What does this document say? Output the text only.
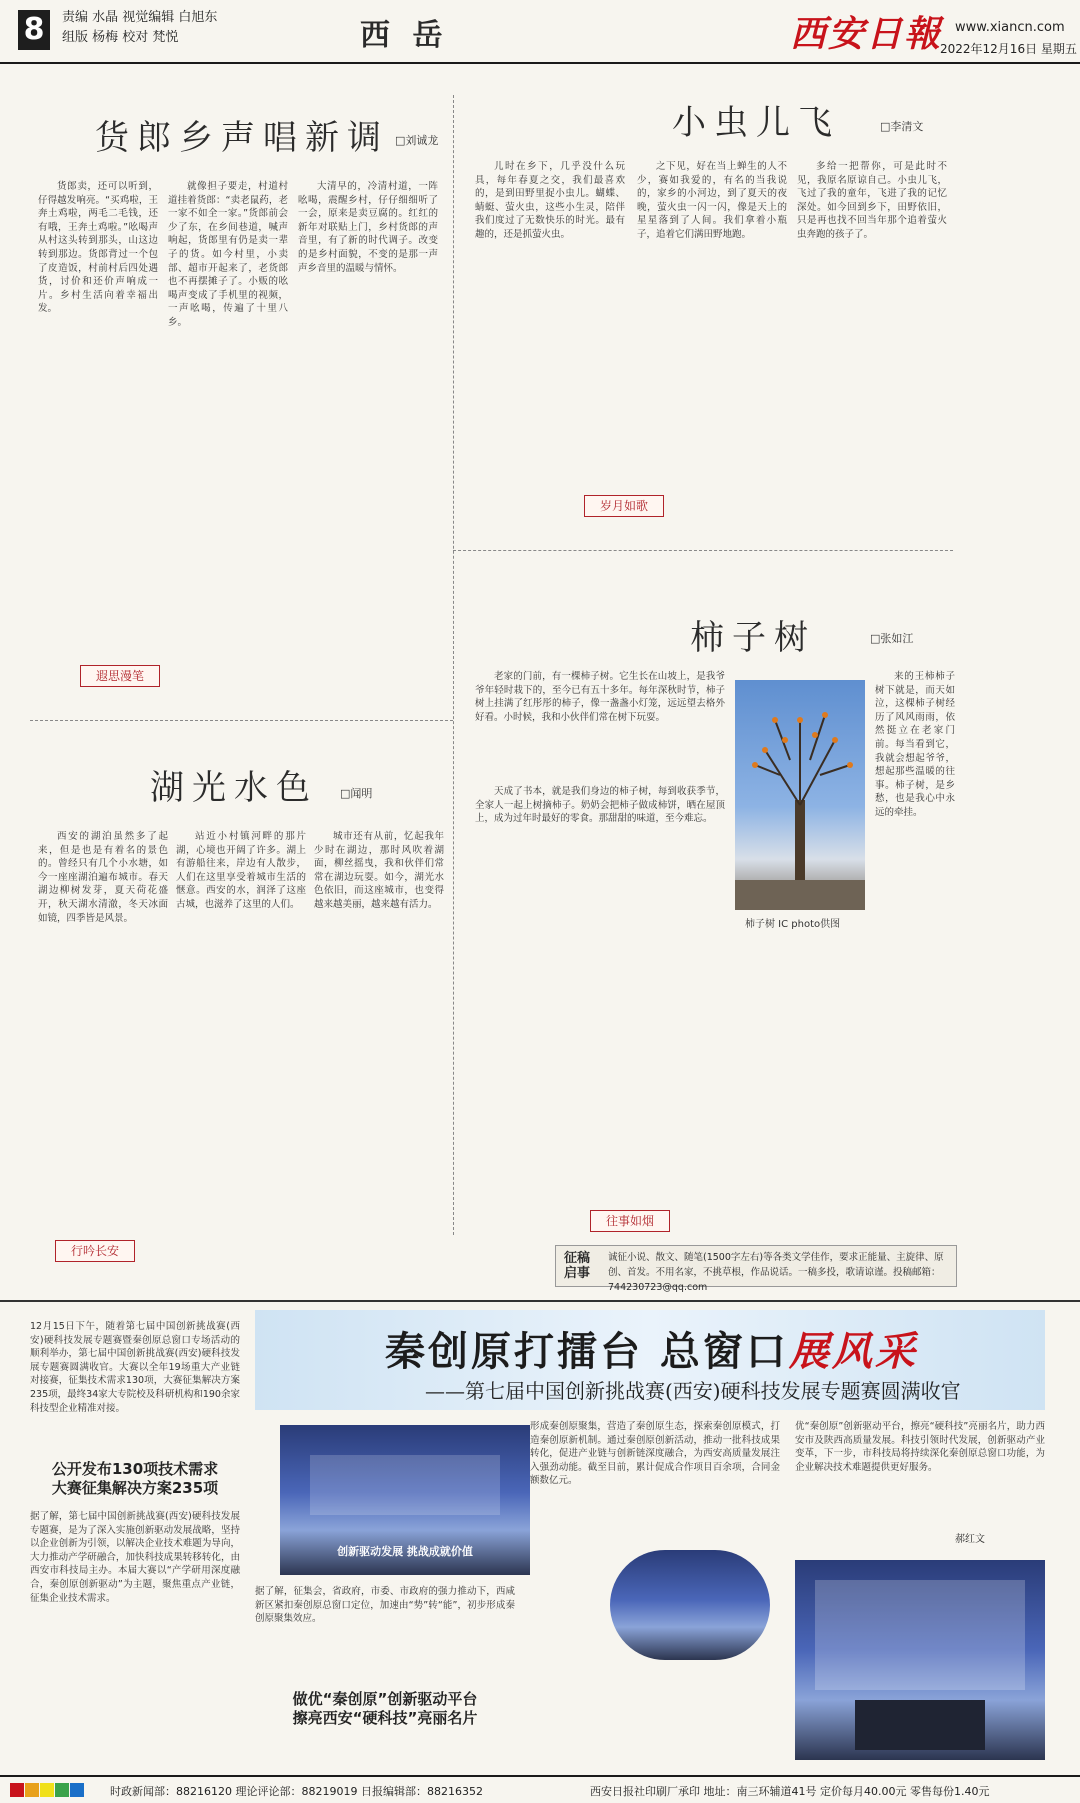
8	责编 水晶 视觉编辑 白旭东
组版 杨梅 校对 梵悦	西 岳	西安日報 www.xiancn.com
2022年12月16日 星期五
货郎乡声唱新调 □刘诚龙

货郎卖，还可以听到，仔得越发响亮。“买鸡啦，王奔土鸡啦，两毛二毛钱，还有哦，王奔土鸡啦。”吆喝声从村这头转到那头，山这边转到那边。货郎背过一个包了皮造饭，村前村后四处遇货，讨价和还价声响成一片。乡村生活向着幸福出发。

就像担子要走，村道村道挂着货郎：“卖老鼠药，老一家不如全一家。”货郎前会少了东，在乡间巷道，喊声响起，货郎里有仍是卖一辈子的货。如今村里，小卖部、超市开起来了，老货郎也不再摆摊子了。小贩的吆喝声变成了手机里的视频，一声吆喝，传遍了十里八乡。

大清早的，冷清村道，一阵吆喝，震醒乡村，仔仔细细听了一会，原来是卖豆腐的。红红的新年对联贴上门，乡村货郎的声音里，有了新的时代调子。改变的是乡村面貌，不变的是那一声声乡音里的温暖与情怀。

遐思漫笔
小虫儿飞	□李清文

儿时在乡下，几乎没什么玩具，每年春夏之交，我们最喜欢的，是到田野里捉小虫儿。蝴蝶、蜻蜓、萤火虫，这些小生灵，陪伴我们度过了无数快乐的时光。最有趣的，还是抓萤火虫。

之下见，好在当上蝉生的人不少，赛如我爱的，有名的当我说的，家乡的小河边，到了夏天的夜晚，萤火虫一闪一闪，像是天上的星星落到了人间。我们拿着小瓶子，追着它们满田野地跑。

多给一把帮你，可是此时不见，我原名原谅自己。小虫儿飞，飞过了我的童年，飞进了我的记忆深处。如今回到乡下，田野依旧，只是再也找不回当年那个追着萤火虫奔跑的孩子了。

岁月如歌
湖光水色 □闻明

西安的湖泊虽然多了起来，但是也是有着名的景色的。曾经只有几个小水塘，如今一座座湖泊遍布城市。春天湖边柳树发芽，夏天荷花盛开，秋天湖水清澈，冬天冰面如镜，四季皆是风景。

站近小村镇河畔的那片湖，心境也开阔了许多。湖上有游船往来，岸边有人散步，人们在这里享受着城市生活的惬意。西安的水，润泽了这座古城，也滋养了这里的人们。

城市还有从前，忆起我年少时在湖边，那时风吹着湖面，柳丝摇曳，我和伙伴们常常在湖边玩耍。如今，湖光水色依旧，而这座城市，也变得越来越美丽，越来越有活力。

行吟长安
柿子树	□张如江

老家的门前，有一棵柿子树。它生长在山坡上，是我爷爷年轻时栽下的，至今已有五十多年。每年深秋时节，柿子树上挂满了红彤彤的柿子，像一盏盏小灯笼，远远望去格外好看。小时候，我和小伙伴们常在树下玩耍。

柿子树 IC photo供图

天成了书本，就是我们身边的柿子树，每到收获季节，全家人一起上树摘柿子。奶奶会把柿子做成柿饼，晒在屋顶上，成为过年时最好的零食。那甜甜的味道，至今难忘。

来的王柿柿子树下就是，而天如泣，这棵柿子树经历了风风雨雨，依然挺立在老家门前。每当看到它，我就会想起爷爷，想起那些温暖的往事。柿子树，是乡愁，也是我心中永远的牵挂。

往事如烟
征稿启事
诚征小说、散文、随笔(1500字左右)等各类文学佳作，要求正能量、主旋律、原创、首发。不用名家，不挑草根，作品说话。一稿多投，歌请谅谨。投稿邮箱：744230723@qq.com
12月15日下午，随着第七届中国创新挑战赛(西安)硬科技发展专题赛暨秦创原总窗口专场活动的顺利举办，第七届中国创新挑战赛(西安)硬科技发展专题赛圆满收官。大赛以全年19场重大产业链对接赛，征集技术需求130项，大赛征集解决方案235项，最终34家大专院校及科研机构和190余家科技型企业精准对接。
秦创原打擂台 总窗口展风采
——第七届中国创新挑战赛(西安)硬科技发展专题赛圆满收官
公开发布130项技术需求
大赛征集解决方案235项
据了解，第七届中国创新挑战赛(西安)硬科技发展专题赛，是为了深入实施创新驱动发展战略，坚持以企业创新为引领，以解决企业技术难题为导向，大力推动产学研融合，加快科技成果转移转化，由西安市科技局主办。本届大赛以“产学研用深度融合，秦创原创新驱动”为主题，聚焦重点产业链，征集企业技术需求。
创新驱动发展 挑战成就价值
据了解，征集会，省政府，市委、市政府的强力推动下，西咸新区紧扣秦创原总窗口定位，加速由“势”转“能”，初步形成秦创原聚集效应。
做优“秦创原”创新驱动平台
擦亮西安“硬科技”亮丽名片
形成秦创原聚集，营造了秦创原生态，探索秦创原模式，打造秦创原新机制。通过秦创原创新活动，推动一批科技成果转化，促进产业链与创新链深度融合，为西安高质量发展注入强劲动能。截至目前，累计促成合作项目百余项，合同金额数亿元。
优“秦创原”创新驱动平台，擦亮“硬科技”亮丽名片，助力西安市及陕西高质量发展。科技引领时代发展，创新驱动产业变革，下一步，市科技局将持续深化秦创原总窗口功能，为企业解决技术难题提供更好服务。
郝红文
时政新闻部：88216120 理论评论部：88219019 日报编辑部：88216352	西安日报社印刷厂承印 地址：南三环辅道41号 定价每月40.00元 零售每份1.40元
